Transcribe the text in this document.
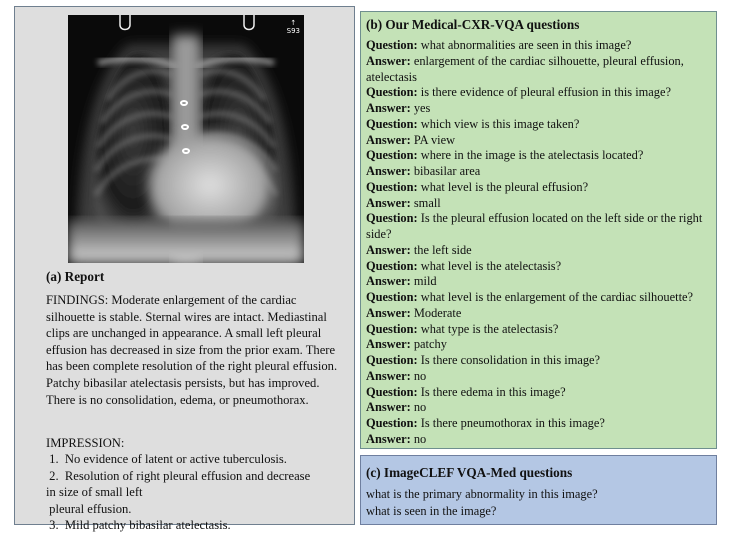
↑
S93

(a) Report

FINDINGS: Moderate enlargement of the cardiac silhouette is stable. Sternal wires are intact. Mediastinal clips are unchanged in appearance. A small left pleural effusion has decreased in size from the prior exam. There has been complete resolution of the right pleural effusion. Patchy bibasilar atelectasis persists, but has improved. There is no consolidation, edema, or pneumothorax.

IMPRESSION:

1.  No evidence of latent or active tuberculosis.

2.  Resolution of right pleural effusion and decrease

in size of small left

pleural effusion.

3.  Mild patchy bibasilar atelectasis.

(b) Our Medical-CXR-VQA questions

Question: what abnormalities are seen in this image?
Answer: enlargement of the cardiac silhouette, pleural effusion, atelectasis
Question: is there evidence of pleural effusion in this image?
Answer: yes
Question: which view is this image taken?
Answer: PA view
Question: where in the image is the atelectasis located?
Answer: bibasilar area
Question: what level is the pleural effusion?
Answer: small
Question: Is the pleural effusion located on the left side or the right side?
Answer: the left side
Question: what level is the atelectasis?
Answer: mild
Question: what level is the enlargement of the cardiac silhouette?
Answer: Moderate
Question: what type is the atelectasis?
Answer: patchy
Question: Is there consolidation in this image?
Answer: no
Question: Is there edema in this image?
Answer: no
Question: Is there pneumothorax in this image?
Answer: no

(c) ImageCLEF VQA-Med questions

what is the primary abnormality in this image?
what is seen in the image?
